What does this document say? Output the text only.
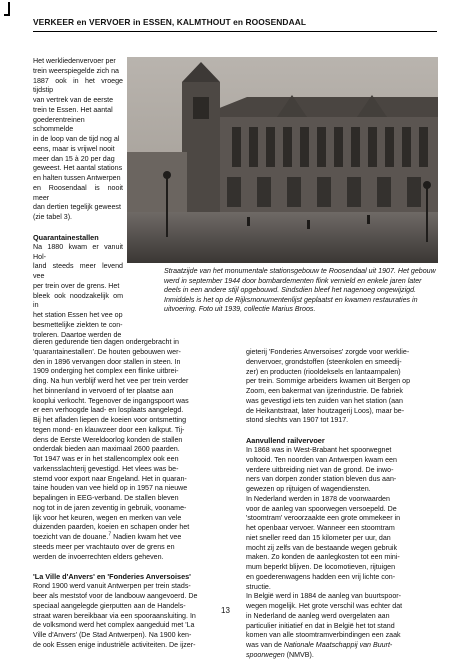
VERKEER en VERVOER in ESSEN, KALMTHOUT en ROOSENDAAL

Het werkliedenvervoer per
trein weerspiegelde zich na
1887 ook in het vroege tijdstip
van vertrek van de eerste
trein te Essen. Het aantal
goederentreinen schommelde
in de loop van de tijd nog al
eens, maar is vrijwel nooit
meer dan 15 à 20 per dag
geweest. Het aantal stations
en halten tussen Antwerpen
en Roosendaal is nooit meer
dan dertien tegelijk geweest
(zie tabel 3).

Quarantainestallen

Na 1880 kwam er vanuit Hol-
land steeds meer levend vee
per trein over de grens. Het
bleek ook noodzakelijk om in
het station Essen het vee op
besmettelijke ziekten te con-
troleren. Daartoe werden de

Straatzijde van het monumentale stationsgebouw te Roosendaal uit 1907. Het gebouw werd in september 1944 door bombardementen flink vernield en enkele jaren later deels in een andere stijl opgebouwd. Sindsdien bleef het nagenoeg ongewijzigd. Inmiddels is het op de Rijksmonumentenlijst geplaatst en kwamen restauraties in uitvoering. Foto uit 1939, collectie Marius Broos.

dieren gedurende tien dagen ondergebracht in
'quarantainestallen'. De houten gebouwen wer-
den in 1896 vervangen door stallen in steen. In
1909 onderging het complex een flinke uitbrei-
ding. Na hun verblijf werd het vee per trein verder
het binnenland in vervoerd of ter plaatse aan
kooplui verkocht. Tegenover de ingangspoort was
er een verhoogde laad- en losplaats aangelegd.
Bij het afladen liepen de koeien voor ontsmetting
tegen mond- en klauwzeer door een kalkput. Tij-
dens de Eerste Wereldoorlog konden de stallen
onderdak bieden aan maximaal 2600 paarden.
Tot 1947 was er in het stallencomplex ook een
varkensslachterij gevestigd. Het vlees was be-
stemd voor export naar Engeland. Het in quaran-
taine houden van vee hield op in 1957 na nieuwe
bepalingen in EEG-verband. De stallen bleven
nog tot in de jaren zeventig in gebruik, vooname-
lijk voor het keuren, wegen en merken van vele
duizenden paarden, koeien en schapen onder het
toezicht van de douane.$^7$ Nadien kwam het vee
steeds meer per vrachtauto over de grens en
werden de invoerrechten elders geheven.

'La Ville d'Anvers' en 'Fonderies Anversoises'

Rond 1900 werd vanuit Antwerpen per trein stads-
beer als meststof voor de landbouw aangevoerd. De
speciaal aangelegde gierputten aan de Handels-
straat waren bereikbaar via een spooraansluiting. In
de volksmond werd het complex aangeduid met 'La
Ville d'Anvers' (De Stad Antwerpen). Na 1900 ken-
de ook Essen enige industriële activiteiten. De ijzer-

gieterij 'Fonderies Anversoises' zorgde voor werklie-
denvervoer, grondstoffen (steenkolen en smeedij-
zer) en producten (riooldeksels en lantaarnpalen)
per trein. Sommige arbeiders kwamen uit Bergen op
Zoom, een bakermat van ijzerindustrie. De fabriek
was gevestigd iets ten zuiden van het station (aan
de Heikantstraat, later houtzagerij Loos), maar be-
stond slechts van 1907 tot 1917.

Aanvullend railvervoer

In 1868 was in West-Brabant het spoorwegnet
voltooid. Ten noorden van Antwerpen kwam een
verdere uitbreiding niet van de grond. De inwo-
ners van dorpen zonder station bleven dus aan-
gewezen op rijtuigen of wagendiensten.
In Nederland werden in 1878 de voorwaarden
voor de aanleg van spoorwegen versoepeld. De
'stoomtram' veroorzaakte een grote ommekeer in
het openbaar vervoer. Wanneer een stoomtram
niet sneller reed dan 15 kilometer per uur, dan
mocht zij zelfs van de bestaande wegen gebruik
maken. Zo konden de aanlegkosten tot een mini-
mum beperkt blijven. De locomotieven, rijtuigen
en goederenwagens hadden een vrij lichte con-
structie.
In België werd in 1884 de aanleg van buurtspoor-
wegen mogelijk. Het grote verschil was echter dat
in Nederland de aanleg werd overgelaten aan
particulier initiatief en dat in België het tot stand
komen van alle stoomtramverbindingen een zaak
was van de Nationale Maatschappij van Buurt-
spoorwegen (NMVB).

13
